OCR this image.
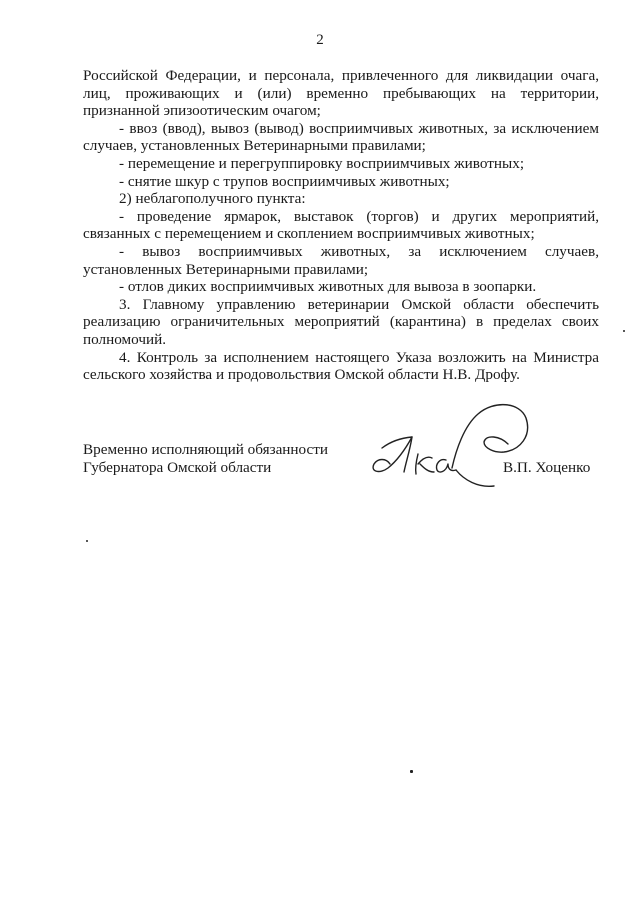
2

Российской Федерации, и персонала, привлеченного для ликвидации очага, лиц, проживающих и (или) временно пребывающих на территории, признанной эпизоотическим очагом;

- ввоз (ввод), вывоз (вывод) восприимчивых животных, за исключением случаев, установленных Ветеринарными правилами;

- перемещение и перегруппировку восприимчивых животных;

- снятие шкур с трупов восприимчивых животных;

2) неблагополучного пункта:

- проведение ярмарок, выставок (торгов) и других мероприятий, связанных с перемещением и скоплением восприимчивых животных;

- вывоз восприимчивых животных, за исключением случаев, установленных Ветеринарными правилами;

- отлов диких восприимчивых животных для вывоза в зоопарки.

3. Главному управлению ветеринарии Омской области обеспечить реализацию ограничительных мероприятий (карантина) в пределах своих полномочий.

4. Контроль за исполнением настоящего Указа возложить на Министра сельского хозяйства и продовольствия Омской области Н.В. Дрофу.

Временно исполняющий обязанности
Губернатора Омской области	В.П. Хоценко
